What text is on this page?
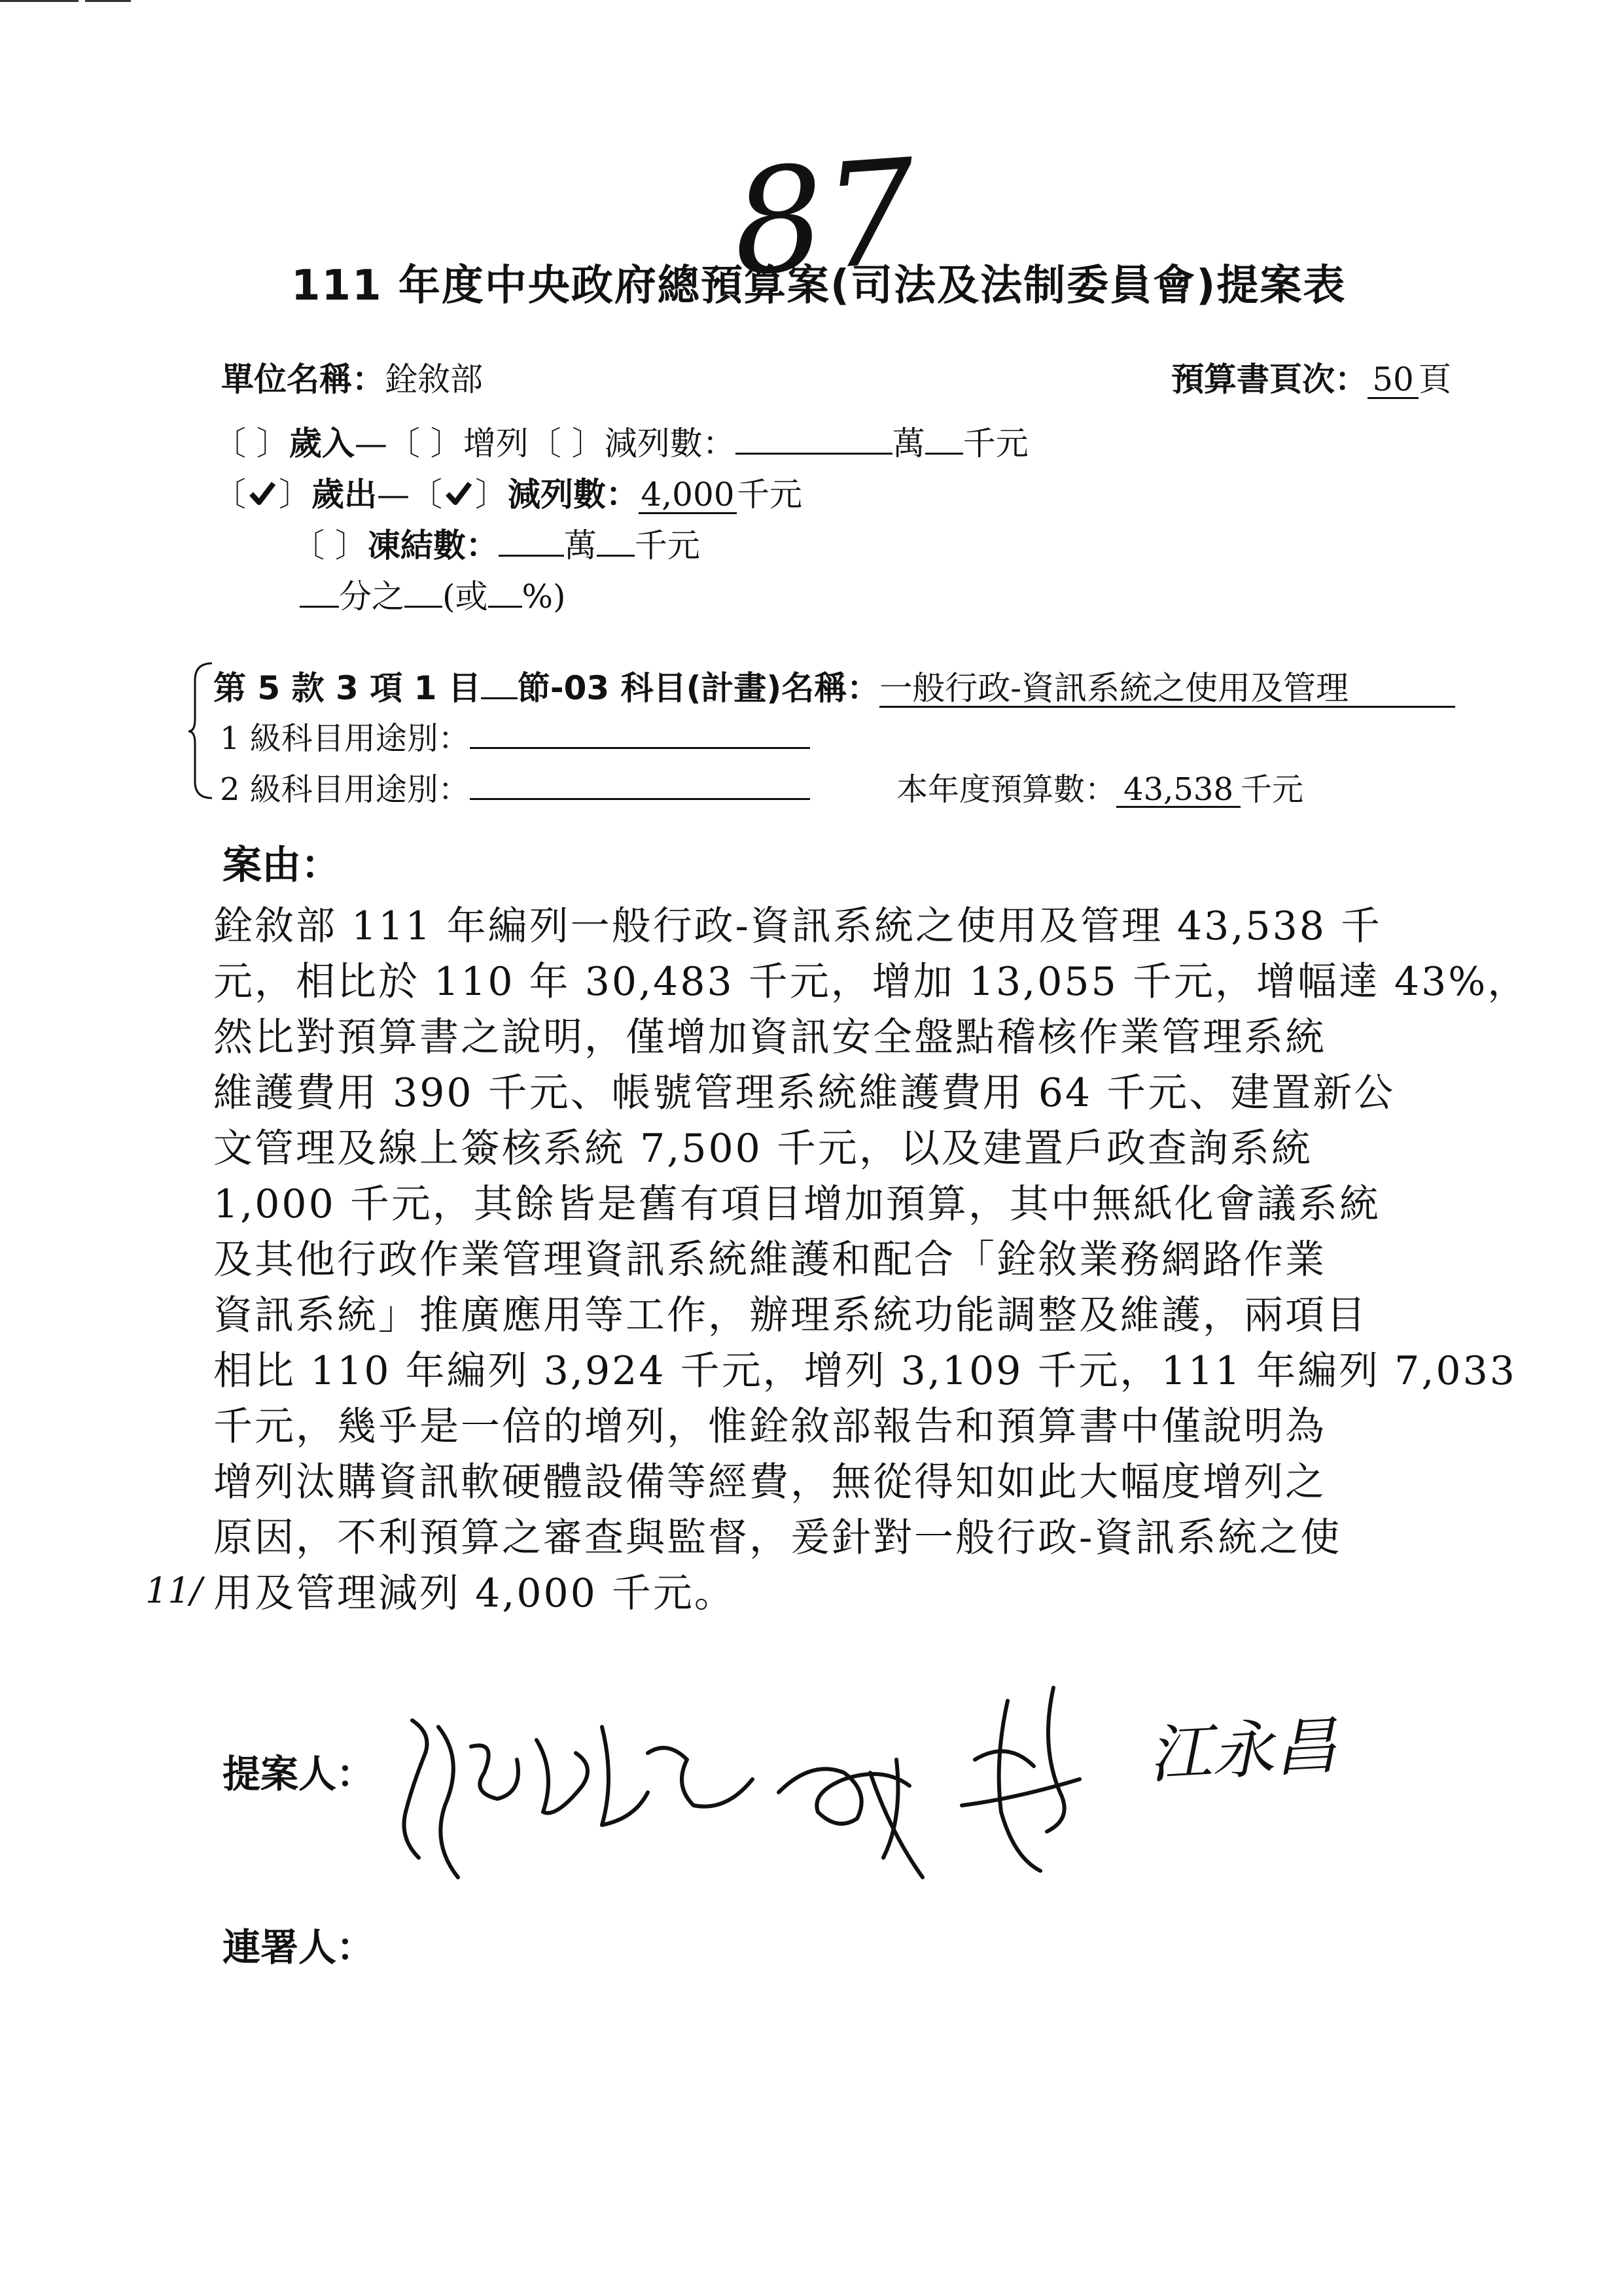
87
111 年度中央政府總預算案(司法及法制委員會)提案表
單位名稱：銓敘部	預算書頁次： 50 頁
〔 〕歲入—〔 〕增列〔 〕減列數：	萬 千元
〔 〕歲出—〔 〕減列數：4,000千元
〔 〕凍結數： 萬 千元
分之 (或 %)
第 5 款 3 項 1 目 節-03 科目(計畫)名稱：一般行政-資訊系統之使用及管理
1 級科目用途別：
2 級科目用途別：	本年度預算數： 43,538 千元
案由：
銓敘部 111 年編列一般行政-資訊系統之使用及管理 43,538 千
元，相比於 110 年 30,483 千元，增加 13,055 千元，增幅達 43%，
然比對預算書之說明，僅增加資訊安全盤點稽核作業管理系統
維護費用 390 千元、帳號管理系統維護費用 64 千元、建置新公
文管理及線上簽核系統 7,500 千元，以及建置戶政查詢系統
1,000 千元，其餘皆是舊有項目增加預算，其中無紙化會議系統
及其他行政作業管理資訊系統維護和配合「銓敘業務網路作業
資訊系統」推廣應用等工作，辦理系統功能調整及維護，兩項目
相比 110 年編列 3,924 千元，增列 3,109 千元，111 年編列 7,033
千元，幾乎是一倍的增列，惟銓敘部報告和預算書中僅說明為
增列汰購資訊軟硬體設備等經費，無從得知如此大幅度增列之
原因，不利預算之審查與監督，爰針對一般行政-資訊系統之使
用及管理減列 4,000 千元。
11/
提案人：	江永昌
連署人：
